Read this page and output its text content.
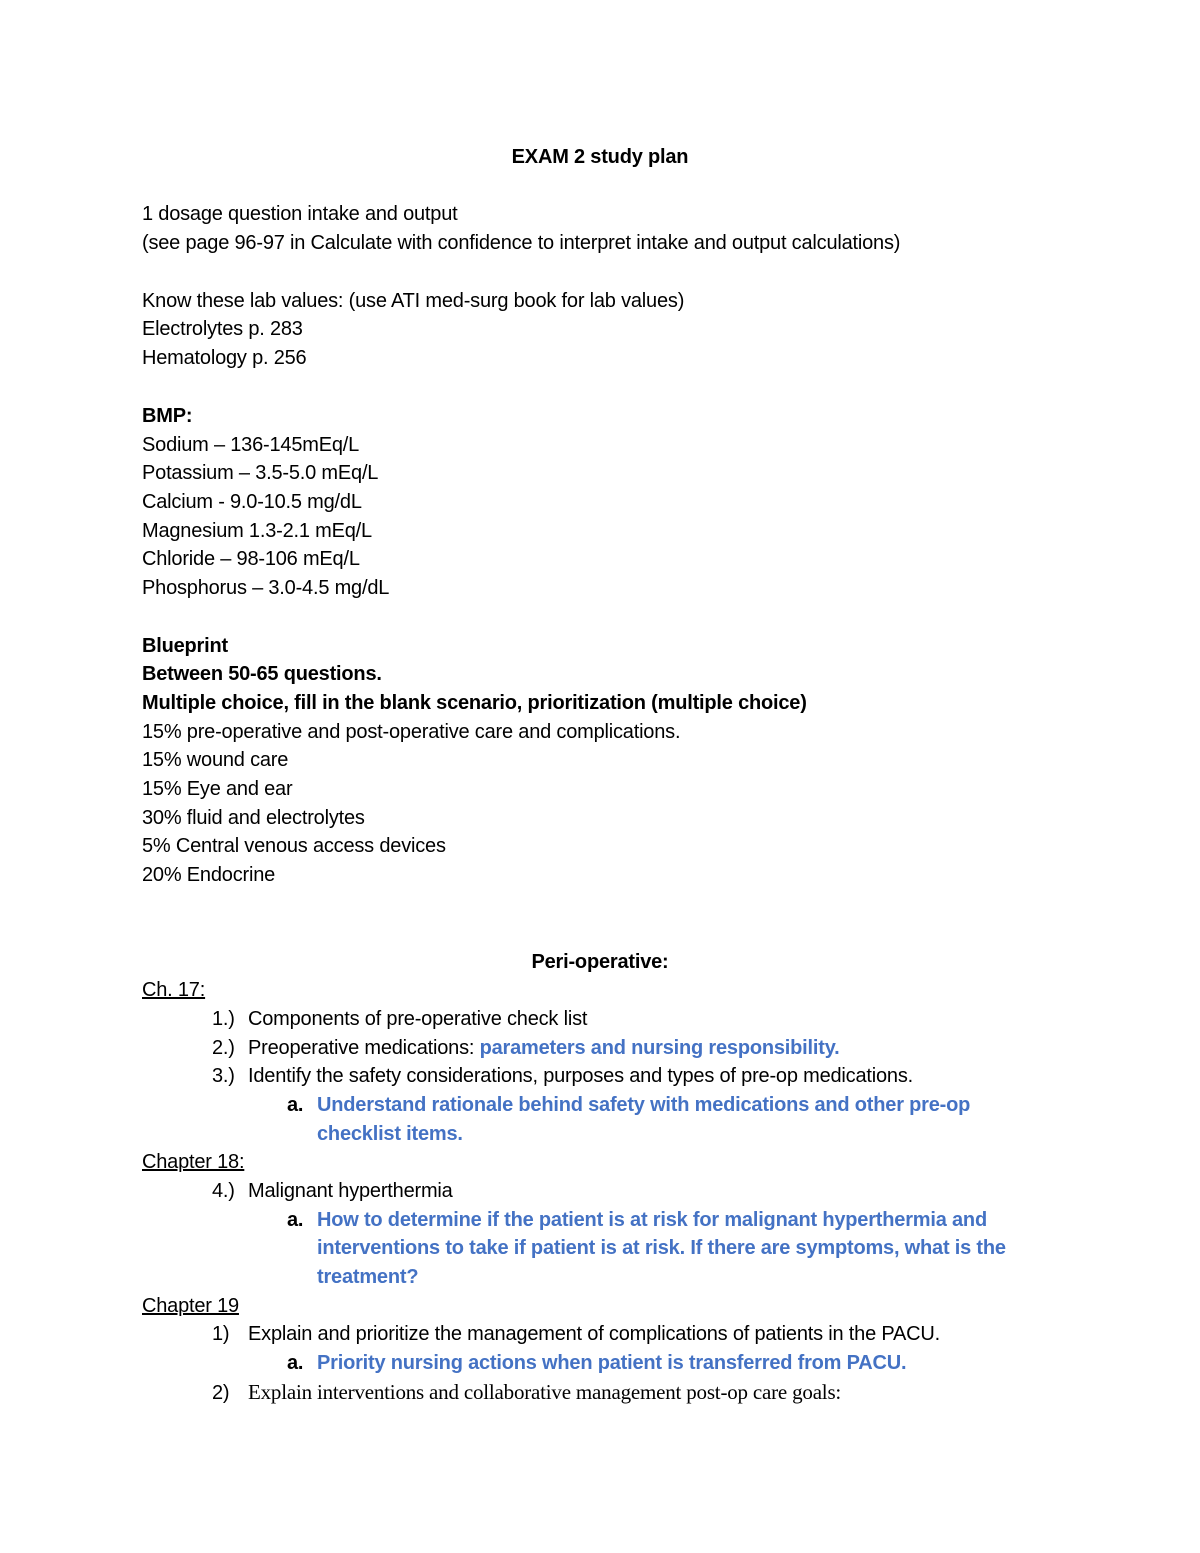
EXAM 2 study plan
1 dosage question intake and output
(see page 96-97 in Calculate with confidence to interpret intake and output calculations)
Know these lab values: (use ATI med-surg book for lab values)
Electrolytes p. 283
Hematology p. 256
BMP:
Sodium – 136-145mEq/L
Potassium – 3.5-5.0 mEq/L
Calcium - 9.0-10.5 mg/dL
Magnesium 1.3-2.1 mEq/L
Chloride – 98-106 mEq/L
Phosphorus – 3.0-4.5 mg/dL
Blueprint
Between 50-65 questions.
Multiple choice, fill in the blank scenario, prioritization (multiple choice)
15% pre-operative and post-operative care and complications.
15% wound care
15% Eye and ear
30% fluid and electrolytes
5% Central venous access devices
20% Endocrine
Peri-operative:
Ch. 17:
1.) Components of pre-operative check list
2.) Preoperative medications: parameters and nursing responsibility.
3.) Identify the safety considerations, purposes and types of pre-op medications.
a. Understand rationale behind safety with medications and other pre-op
checklist items.
Chapter 18:
4.) Malignant hyperthermia
a. How to determine if the patient is at risk for malignant hyperthermia and
interventions to take if patient is at risk. If there are symptoms, what is the
treatment?
Chapter 19
1) Explain and prioritize the management of complications of patients in the PACU.
a. Priority nursing actions when patient is transferred from PACU.
2) Explain interventions and collaborative management post-op care goals:
